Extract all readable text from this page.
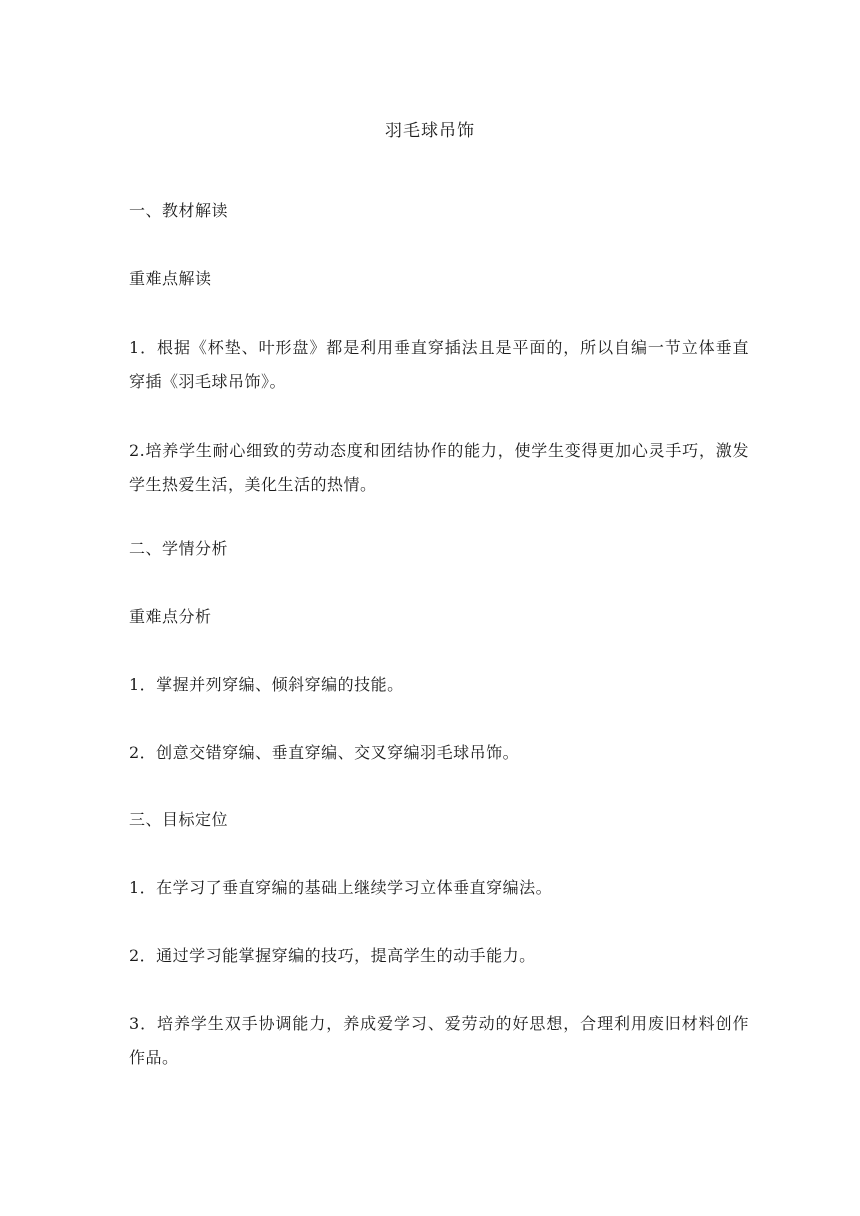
羽毛球吊饰
一、教材解读
重难点解读
1．根据《杯垫、叶形盘》都是利用垂直穿插法且是平面的，所以自编一节立体垂直穿插《羽毛球吊饰》。
2.培养学生耐心细致的劳动态度和团结协作的能力，使学生变得更加心灵手巧，激发学生热爱生活，美化生活的热情。
二、学情分析
重难点分析
1．掌握并列穿编、倾斜穿编的技能。
2．创意交错穿编、垂直穿编、交叉穿编羽毛球吊饰。
三、目标定位
1．在学习了垂直穿编的基础上继续学习立体垂直穿编法。
2．通过学习能掌握穿编的技巧，提高学生的动手能力。
3．培养学生双手协调能力，养成爱学习、爱劳动的好思想，合理利用废旧材料创作作品。
